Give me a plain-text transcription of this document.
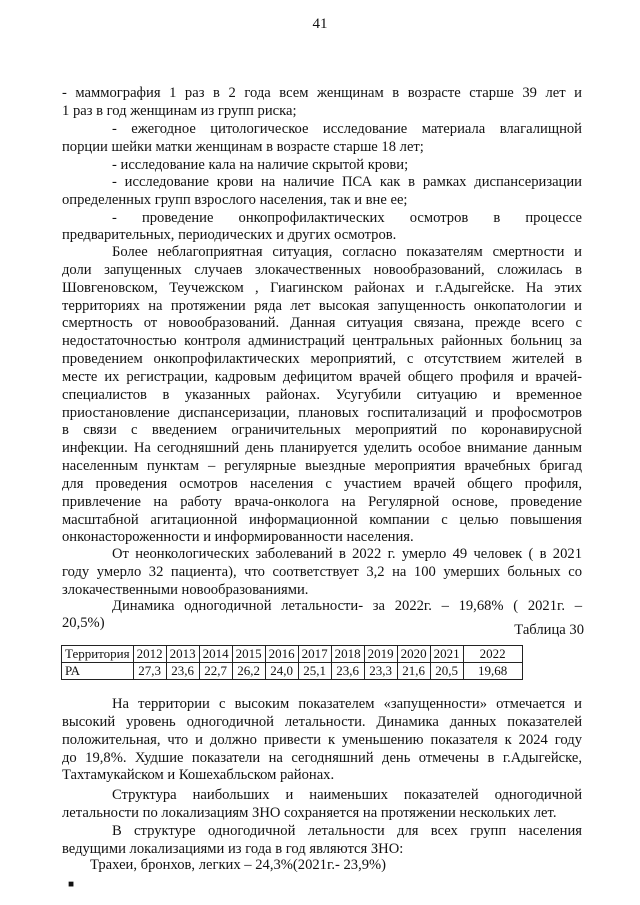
41
- маммография 1 раз в 2 года всем женщинам в возрасте старше 39 лет и
1 раз в год женщинам из групп риска;
- ежегодное цитологическое исследование материала влагалищной
порции шейки матки женщинам в возрасте старше 18 лет;
- исследование кала на наличие скрытой крови;
- исследование крови на наличие ПСА как в рамках диспансеризации
определенных групп взрослого населения, так и вне ее;
- проведение онкопрофилактических осмотров в процессе
предварительных, периодических и других осмотров.
Более неблагоприятная ситуация, согласно показателям смертности и
доли запущенных случаев злокачественных новообразований, сложилась в
Шовгеновском, Теучежском , Гиагинском районах и г.Адыгейске. На этих
территориях на протяжении ряда лет высокая запущенность онкопатологии и
смертность от новообразований. Данная ситуация связана, прежде всего с
недостаточностью контроля администраций центральных районных больниц за
проведением онкопрофилактических мероприятий, с отсутствием жителей в
месте их регистрации, кадровым дефицитом врачей общего профиля и врачей-
специалистов в указанных районах. Усугубили ситуацию и временное
приостановление диспансеризации, плановых госпитализаций и профосмотров
в связи с введением ограничительных мероприятий по коронавирусной
инфекции. На сегодняшний день планируется уделить особое внимание данным
населенным пунктам – регулярные выездные мероприятия врачебных бригад
для проведения осмотров населения с участием врачей общего профиля,
привлечение на работу врача-онколога на Регулярной основе, проведение
масштабной агитационной информационной компании с целью повышения
онконастороженности и информированности населения.
От неонкологических заболеваний в 2022 г. умерло 49 человек ( в 2021
году умерло 32 пациента), что соответствует 3,2 на 100 умерших больных со
злокачественными новообразованиями.
Динамика одногодичной летальности- за 2022г. – 19,68% ( 2021г. –
20,5%)	Таблица 30
Территория	2012	2013	2014	2015	2016	2017	2018	2019	2020	2021	2022
РА	27,3	23,6	22,7	26,2	24,0	25,1	23,6	23,3	21,6	20,5	19,68
На территории с высоким показателем «запущенности» отмечается и
высокий уровень одногодичной летальности. Динамика данных показателей
положительная, что и должно привести к уменьшению показателя к 2024 году
до 19,8%. Худшие показатели на сегодняшний день отмечены в г.Адыгейске,
Тахтамукайском и Кошехабльском районах.
Структура наибольших и наименьших показателей одногодичной
летальности по локализациям ЗНО сохраняется на протяжении нескольких лет.
В структуре одногодичной летальности для всех групп населения
ведущими локализациями из года в год являются ЗНО:
■
Трахеи, бронхов, легких – 24,3%(2021г.- 23,9%)
